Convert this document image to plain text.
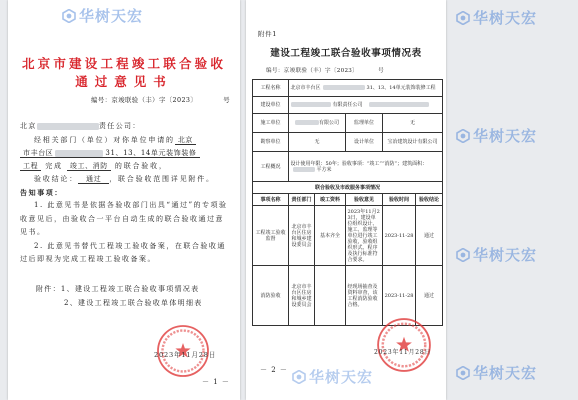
北京市建设工程竣工联合验收
通过意见书
编号：京竣联验（丰）字〔2023〕	号
北京	责任公司：
经相关部门（单位）对你单位申请的 北京
市丰台区	31、13、14单元装饰装修
工程 完成 竣工、消防 的联合验收，
验收结论： 通过 ，联合验收范围详见附件。
告知事项：

1. 此意见书是依据各验收部门出具“通过”的专项验收意见后，由验收合一平台自动生成的联合验收通过意见书。

2. 此意见书替代工程竣工验收备案，在联合验收通过后即视为完成工程竣工验收备案。

附件：1、建设工程竣工联合验收事项情况表
2、建设工程竣工联合验收单体明细表
2023年11月28日
－ 1 －
附件1
建设工程竣工联合验收事项情况表
编号：京竣联验（丰）字〔2023〕	号
工程名称	北京市丰台区 31、13、14单元装饰装修工程				
建设单位	有限责任公司				
施工单位	有限公司		监理单位	无	
勘察单位	无		设计单位	宝冶建筑设计有限公司	
工程概况	设计使用年限：50年；验收事项：“竣工”“消防”；建筑面积：平方米				
联合验收及市政服务事项情况					
事项名称	责任部门	竣工资料	验收意见	验收时间	验收结论
工程竣工验收监督	北京市丰台区住房和城乡建设委员会	基本齐全	2023年11月23日，建设单位组织设计、施工、监理等单位进行竣工验收，验收组织形式、程序及执行标准符合要求。	2023-11-28	通过
消防验收	北京市丰台区住房和城乡建设委员会		经现场抽查及资料审查，该工程消防验收合格。	2023-11-28	通过
2023年11月28日
－ 2 －
华树天宏	华树天宏
华树天宏
华树天宏
华树天宏
华树天宏
